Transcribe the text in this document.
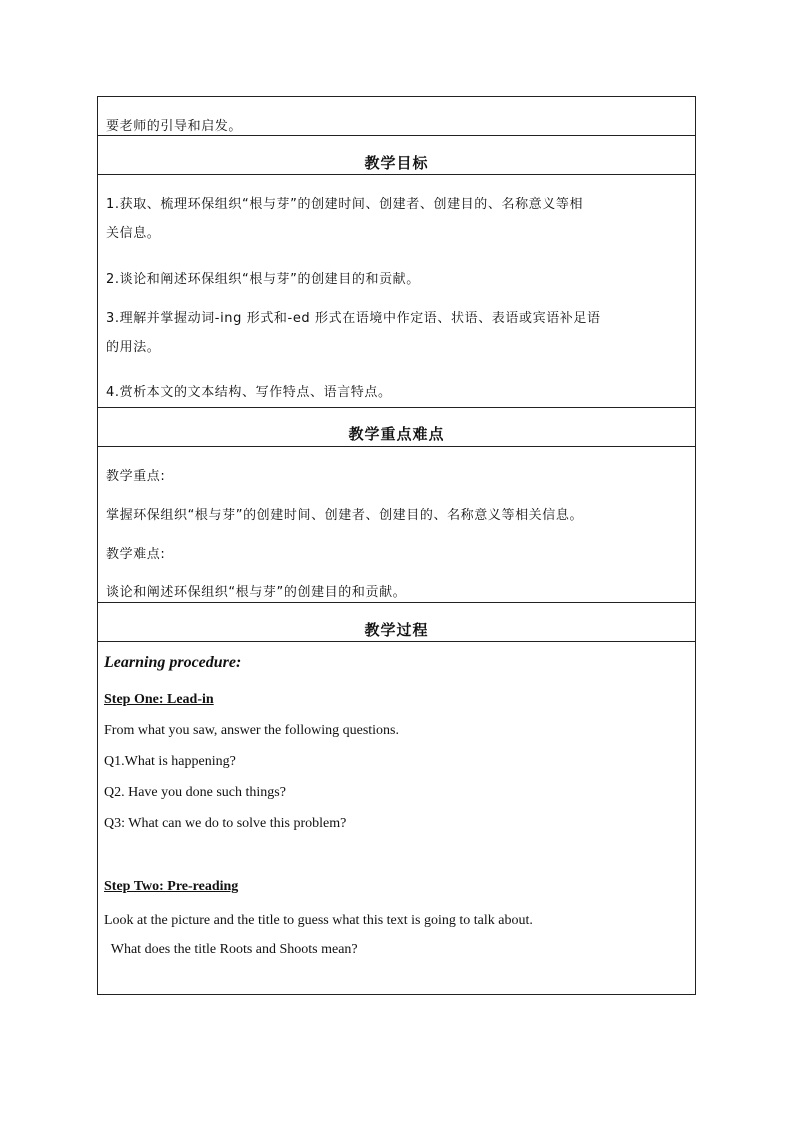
要老师的引导和启发。
教学目标
1.获取、梳理环保组织“根与芽”的创建时间、创建者、创建目的、名称意义等相
关信息。
2.谈论和阐述环保组织“根与芽”的创建目的和贡献。
3.理解并掌握动词-ing 形式和-ed 形式在语境中作定语、状语、表语或宾语补足语
的用法。
4.赏析本文的文本结构、写作特点、语言特点。
教学重点难点
教学重点:
掌握环保组织“根与芽”的创建时间、创建者、创建目的、名称意义等相关信息。
教学难点:
谈论和阐述环保组织“根与芽”的创建目的和贡献。
教学过程
Learning procedure:
Step One: Lead-in
From what you saw, answer the following questions.
Q1.What is happening?
Q2. Have you done such things?
Q3: What can we do to solve this problem?
Step Two: Pre-reading
Look at the picture and the title to guess what this text is going to talk about.
What does the title Roots and Shoots mean?
